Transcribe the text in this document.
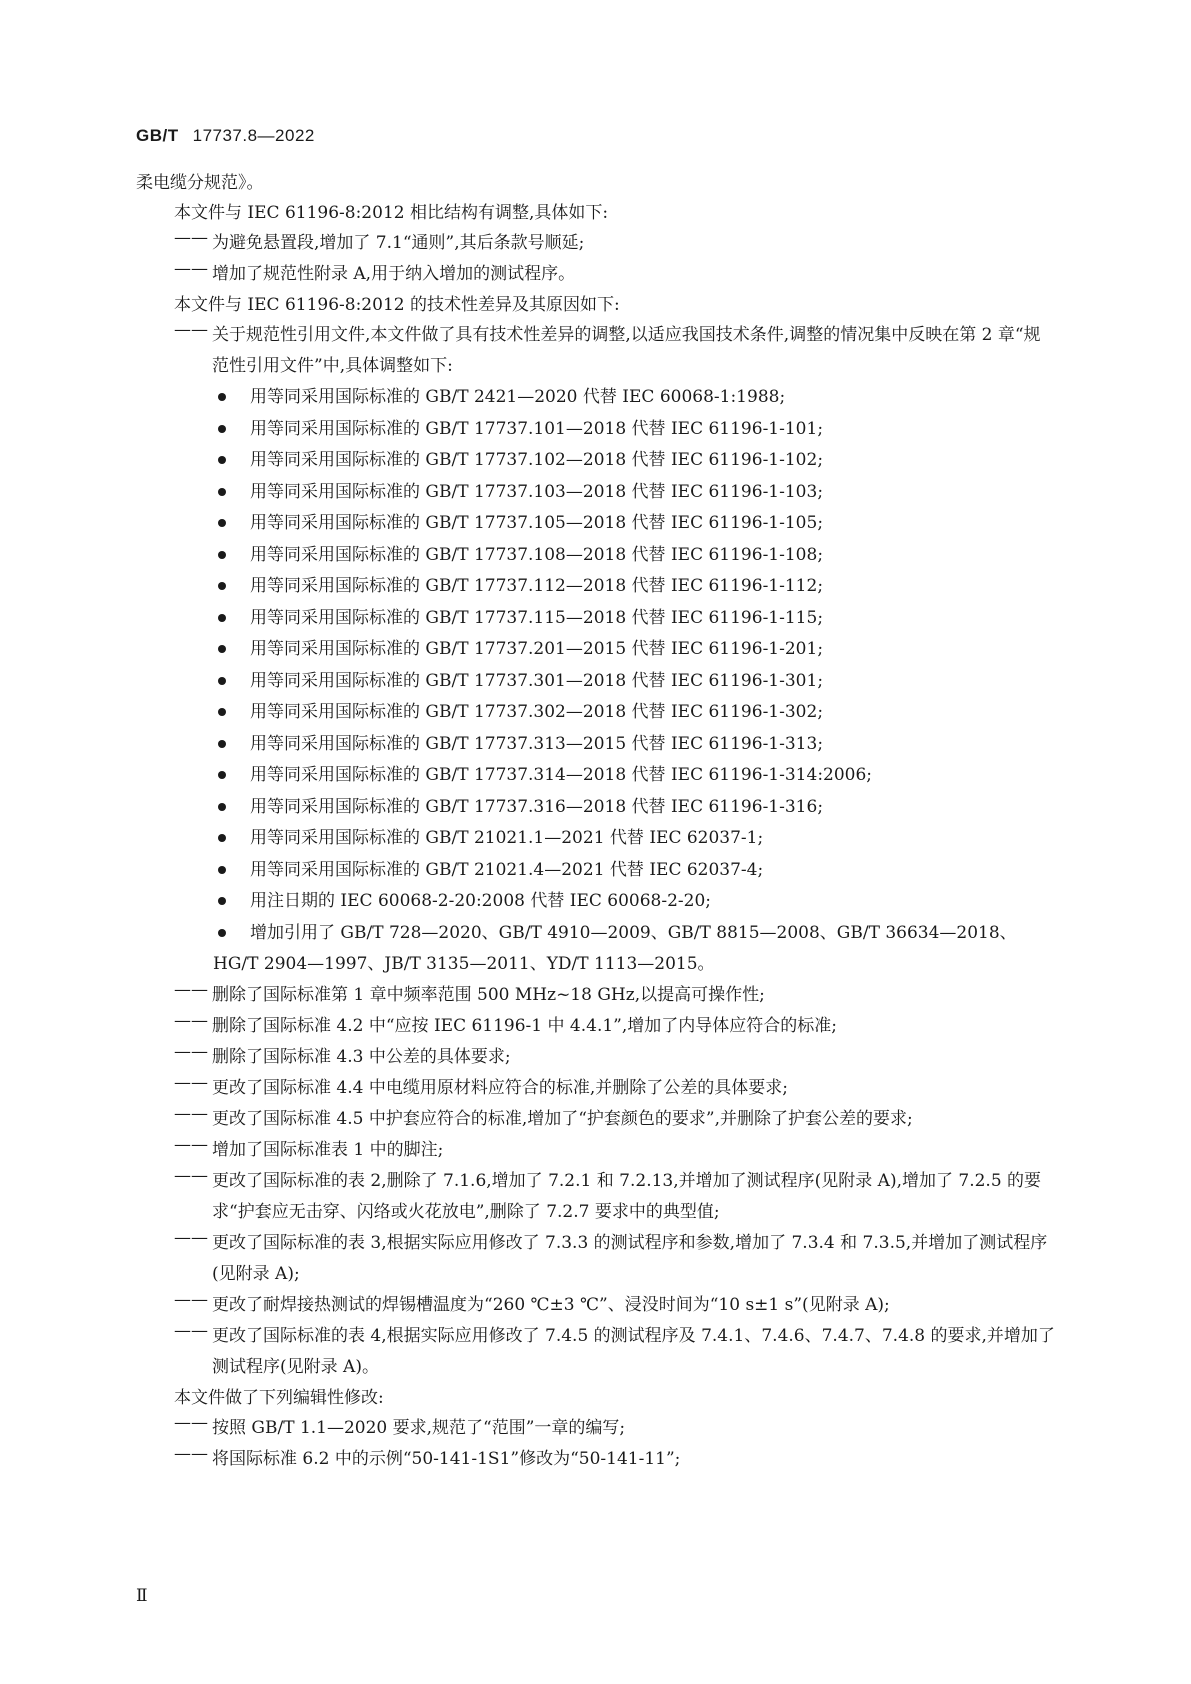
GB/T 17737.8—2022
柔电缆分规范》。
本文件与 IEC 61196-8:2012 相比结构有调整,具体如下:
—— 为避免悬置段,增加了 7.1“通则”,其后条款号顺延;
—— 增加了规范性附录 A,用于纳入增加的测试程序。
本文件与 IEC 61196-8:2012 的技术性差异及其原因如下:
—— 关于规范性引用文件,本文件做了具有技术性差异的调整,以适应我国技术条件,调整的情况集中反映在第 2 章“规范性引用文件”中,具体调整如下:
用等同采用国际标准的 GB/T 2421—2020 代替 IEC 60068-1:1988;
用等同采用国际标准的 GB/T 17737.101—2018 代替 IEC 61196-1-101;
用等同采用国际标准的 GB/T 17737.102—2018 代替 IEC 61196-1-102;
用等同采用国际标准的 GB/T 17737.103—2018 代替 IEC 61196-1-103;
用等同采用国际标准的 GB/T 17737.105—2018 代替 IEC 61196-1-105;
用等同采用国际标准的 GB/T 17737.108—2018 代替 IEC 61196-1-108;
用等同采用国际标准的 GB/T 17737.112—2018 代替 IEC 61196-1-112;
用等同采用国际标准的 GB/T 17737.115—2018 代替 IEC 61196-1-115;
用等同采用国际标准的 GB/T 17737.201—2015 代替 IEC 61196-1-201;
用等同采用国际标准的 GB/T 17737.301—2018 代替 IEC 61196-1-301;
用等同采用国际标准的 GB/T 17737.302—2018 代替 IEC 61196-1-302;
用等同采用国际标准的 GB/T 17737.313—2015 代替 IEC 61196-1-313;
用等同采用国际标准的 GB/T 17737.314—2018 代替 IEC 61196-1-314:2006;
用等同采用国际标准的 GB/T 17737.316—2018 代替 IEC 61196-1-316;
用等同采用国际标准的 GB/T 21021.1—2021 代替 IEC 62037-1;
用等同采用国际标准的 GB/T 21021.4—2021 代替 IEC 62037-4;
用注日期的 IEC 60068-2-20:2008 代替 IEC 60068-2-20;
增加引用了 GB/T 728—2020、GB/T 4910—2009、GB/T 8815—2008、GB/T 36634—2018、
HG/T 2904—1997、JB/T 3135—2011、YD/T 1113—2015。
—— 删除了国际标准第 1 章中频率范围 500 MHz~18 GHz,以提高可操作性;
—— 删除了国际标准 4.2 中“应按 IEC 61196-1 中 4.4.1”,增加了内导体应符合的标准;
—— 删除了国际标准 4.3 中公差的具体要求;
—— 更改了国际标准 4.4 中电缆用原材料应符合的标准,并删除了公差的具体要求;
—— 更改了国际标准 4.5 中护套应符合的标准,增加了“护套颜色的要求”,并删除了护套公差的要求;
—— 增加了国际标准表 1 中的脚注;
—— 更改了国际标准的表 2,删除了 7.1.6,增加了 7.2.1 和 7.2.13,并增加了测试程序(见附录 A),增加了 7.2.5 的要求“护套应无击穿、闪络或火花放电”,删除了 7.2.7 要求中的典型值;
—— 更改了国际标准的表 3,根据实际应用修改了 7.3.3 的测试程序和参数,增加了 7.3.4 和 7.3.5,并增加了测试程序(见附录 A);
—— 更改了耐焊接热测试的焊锡槽温度为“260 ℃±3 ℃”、浸没时间为“10 s±1 s”(见附录 A);
—— 更改了国际标准的表 4,根据实际应用修改了 7.4.5 的测试程序及 7.4.1、7.4.6、7.4.7、7.4.8 的要求,并增加了测试程序(见附录 A)。
本文件做了下列编辑性修改:
—— 按照 GB/T 1.1—2020 要求,规范了“范围”一章的编写;
—— 将国际标准 6.2 中的示例“50-141-1S1”修改为“50-141-11”;
Ⅱ
